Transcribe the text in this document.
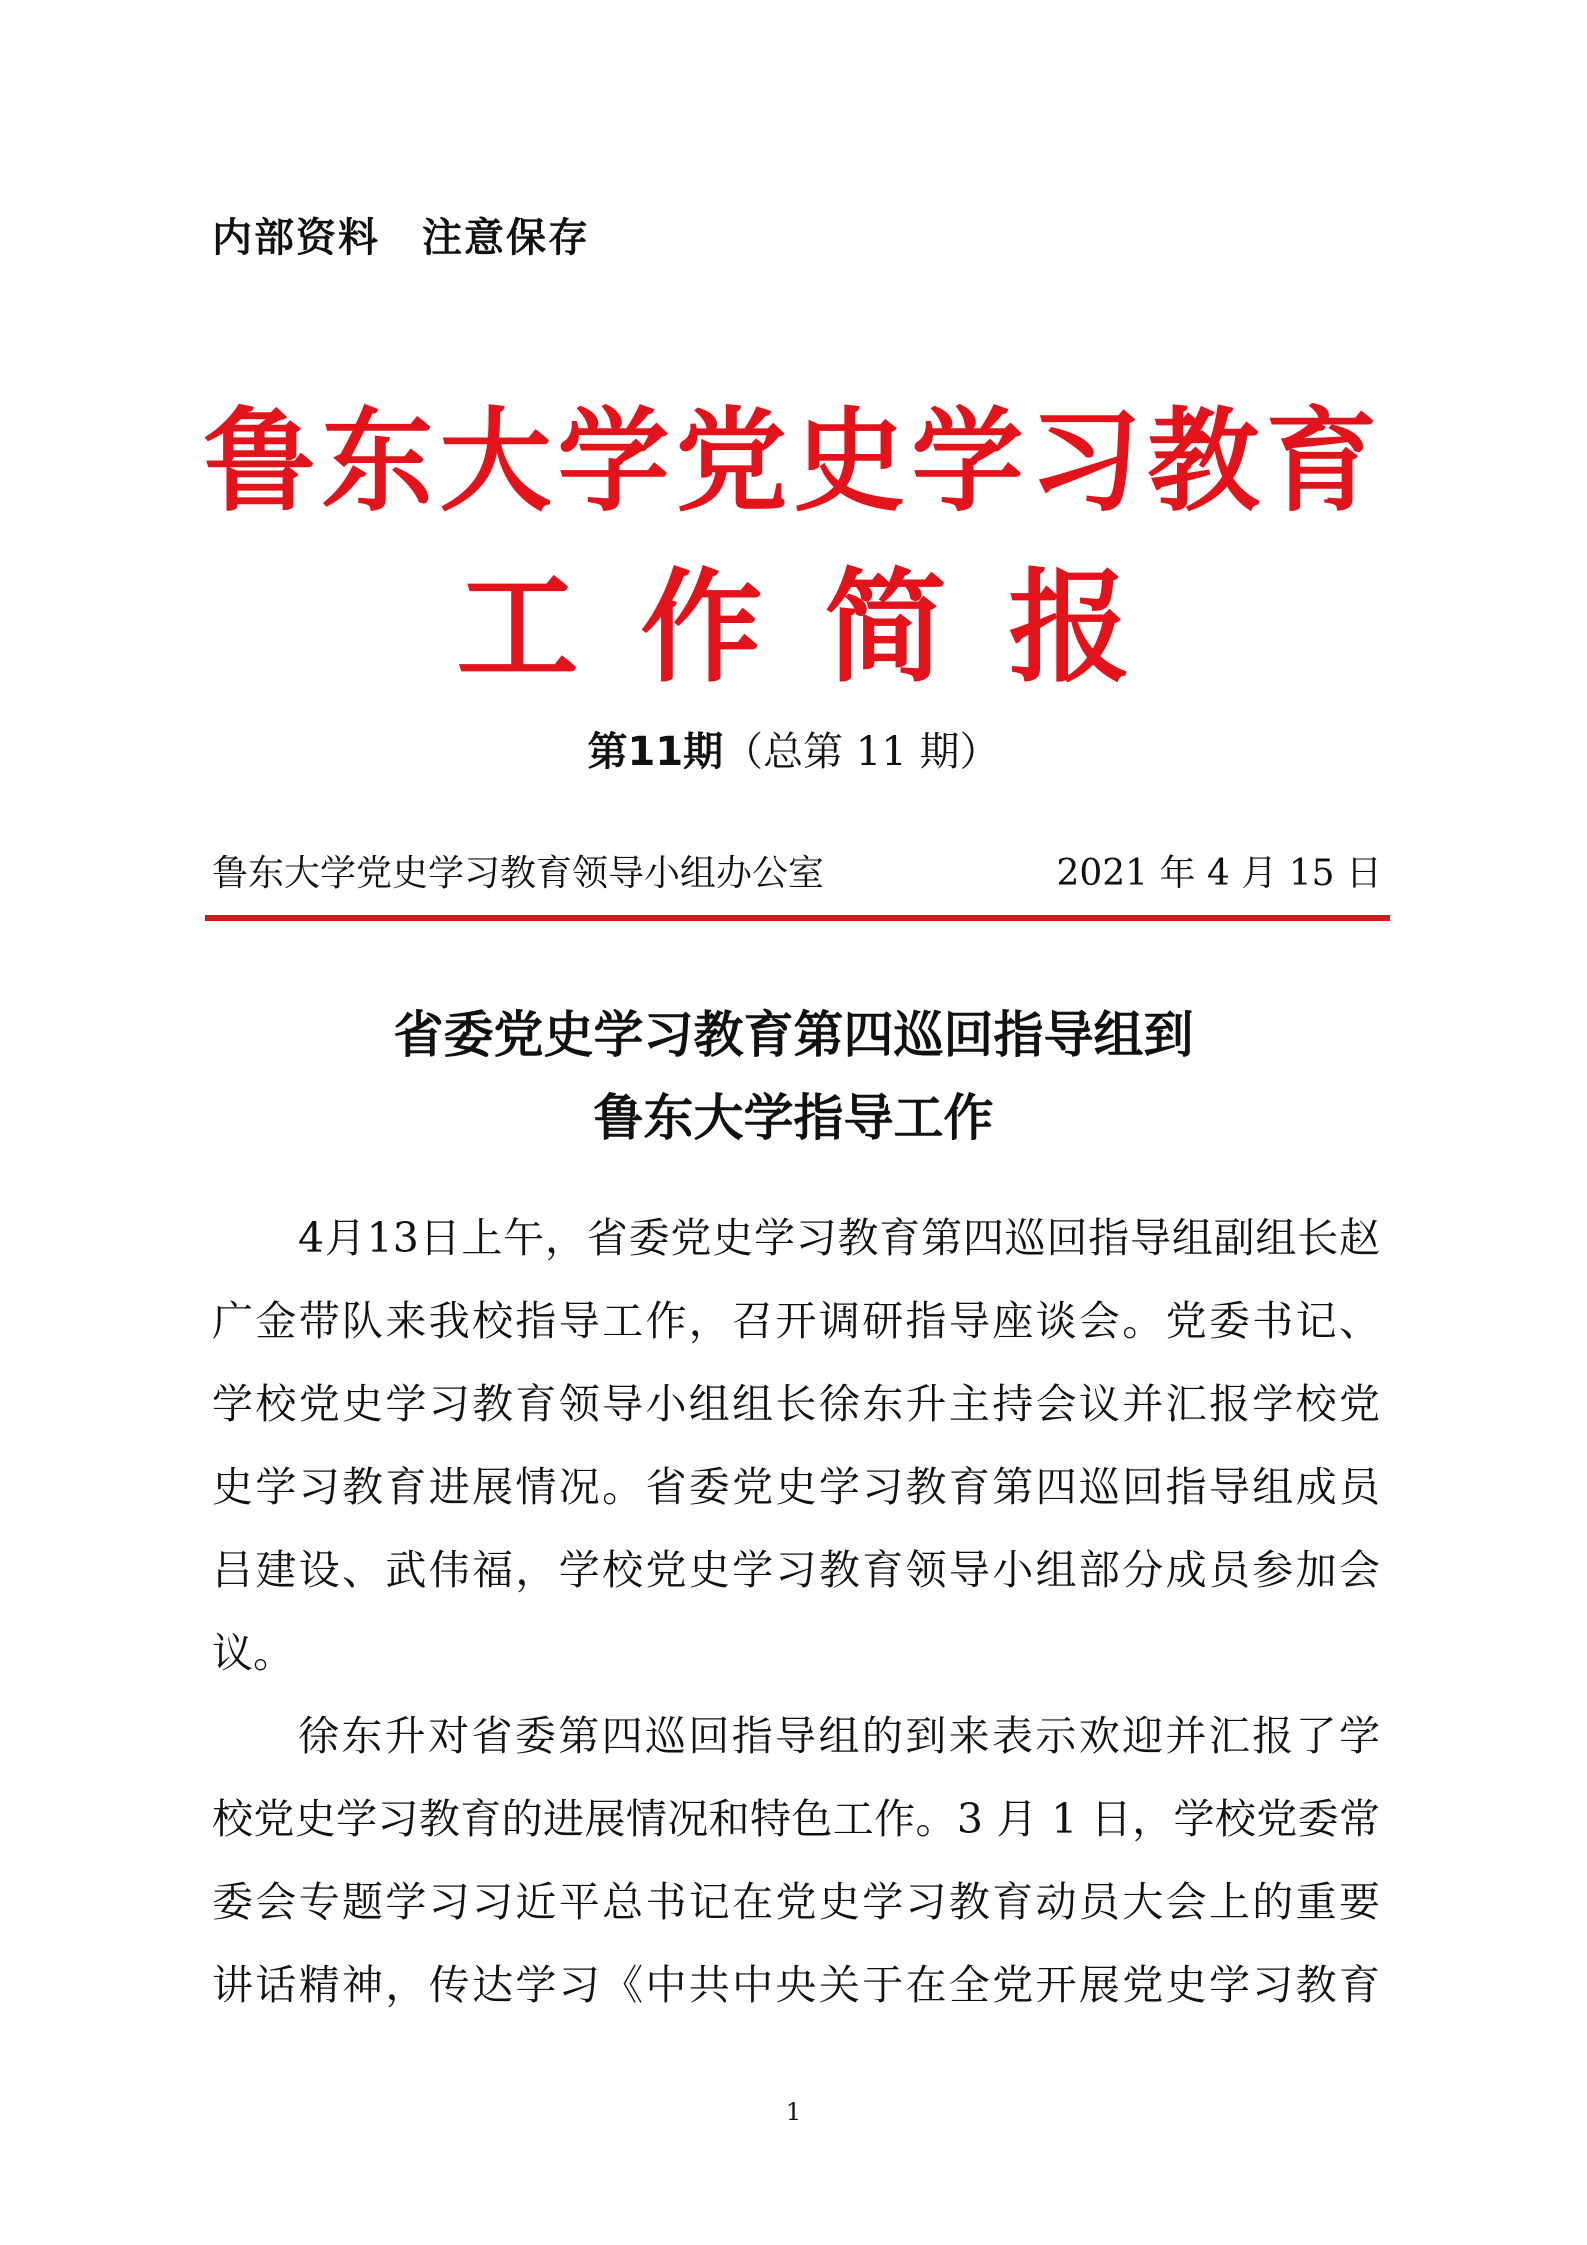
内部资料　注意保存
鲁东大学党史学习教育
工作简报
第11期（总第 11 期）
鲁东大学党史学习教育领导小组办公室	2021 年 4 月 15 日
省委党史学习教育第四巡回指导组到
鲁东大学指导工作
4月13日上午，省委党史学习教育第四巡回指导组副组长赵
广金带队来我校指导工作，召开调研指导座谈会。党委书记、
学校党史学习教育领导小组组长徐东升主持会议并汇报学校党
史学习教育进展情况。省委党史学习教育第四巡回指导组成员
吕建设、武伟福，学校党史学习教育领导小组部分成员参加会
议。
徐东升对省委第四巡回指导组的到来表示欢迎并汇报了学
校党史学习教育的进展情况和特色工作。3 月 1 日，学校党委常
委会专题学习习近平总书记在党史学习教育动员大会上的重要
讲话精神，传达学习《中共中央关于在全党开展党史学习教育
1
